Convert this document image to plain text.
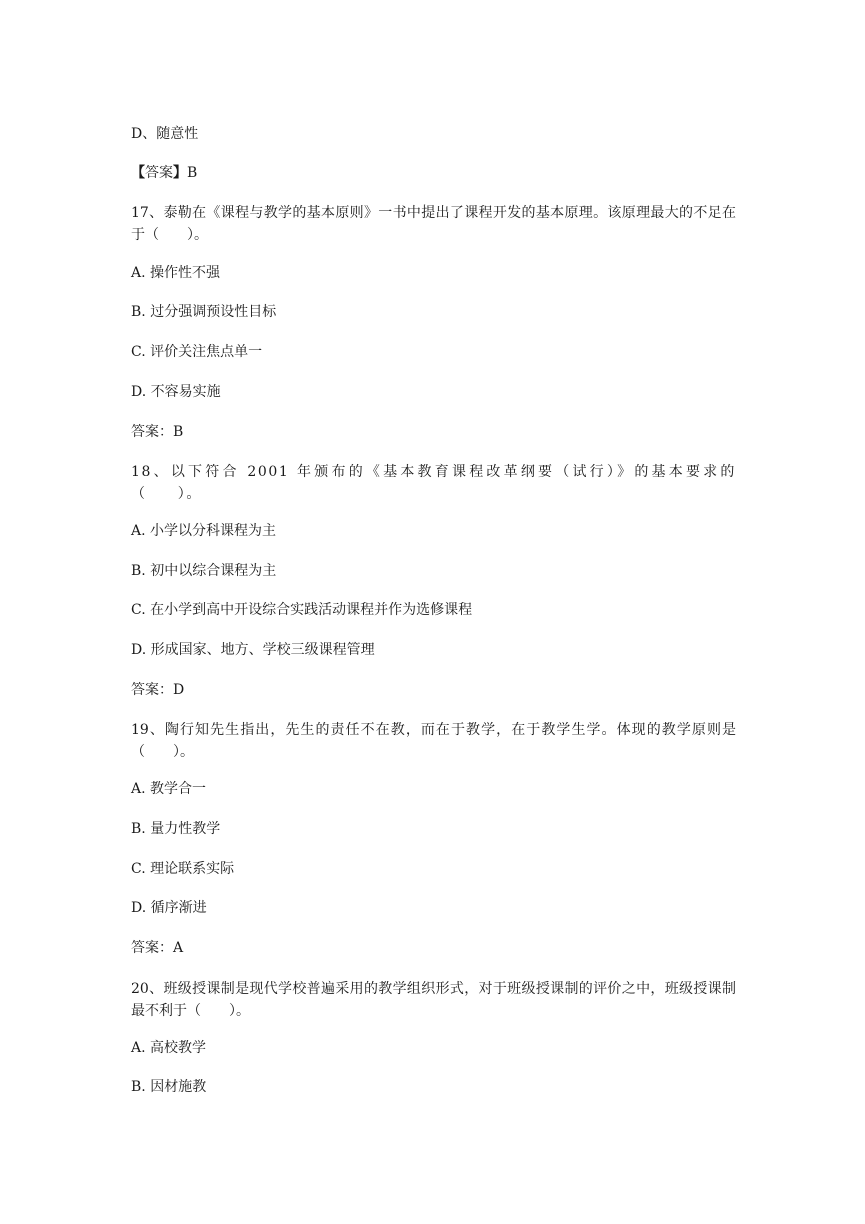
D、随意性
【答案】B
17、泰勒在《课程与教学的基本原则》一书中提出了课程开发的基本原理。该原理最大的不足在于（　　）。
A. 操作性不强
B. 过分强调预设性目标
C. 评价关注焦点单一
D. 不容易实施
答案：B
18、以下符合 2001 年颁布的《基本教育课程改革纲要（试行）》的基本要求的（　　）。
A. 小学以分科课程为主
B. 初中以综合课程为主
C. 在小学到高中开设综合实践活动课程并作为选修课程
D. 形成国家、地方、学校三级课程管理
答案：D
19、陶行知先生指出，先生的责任不在教，而在于教学，在于教学生学。体现的教学原则是（　　）。
A. 教学合一
B. 量力性教学
C. 理论联系实际
D. 循序渐进
答案：A
20、班级授课制是现代学校普遍采用的教学组织形式，对于班级授课制的评价之中，班级授课制最不利于（　　）。
A. 高校教学
B. 因材施教
